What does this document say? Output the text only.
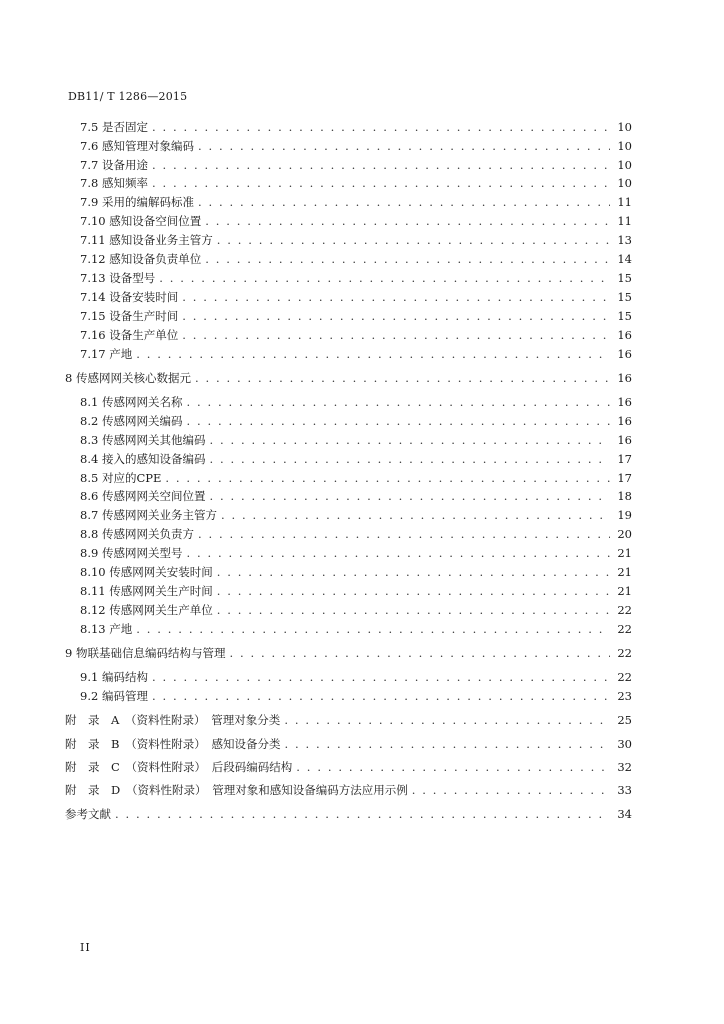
DB11/ T 1286—2015
7.5 是否固定 . . .	10
7.6 感知管理对象编码 . . .	10
7.7 设备用途 . . .	10
7.8 感知频率 . . .	10
7.9 采用的编解码标准 . . .	11
7.10 感知设备空间位置 . . .	11
7.11 感知设备业务主管方 . . .	13
7.12 感知设备负责单位 . . .	14
7.13 设备型号 . . .	15
7.14 设备安装时间 . . .	15
7.15 设备生产时间 . . .	15
7.16 设备生产单位 . . .	16
7.17 产地 . . .	16
8 传感网网关核心数据元 . . .	16
8.1 传感网网关名称 . . .	16
8.2 传感网网关编码 . . .	16
8.3 传感网网关其他编码 . . .	16
8.4 接入的感知设备编码 . . .	17
8.5 对应的CPE . . .	17
8.6 传感网网关空间位置 . . .	18
8.7 传感网网关业务主管方 . . .	19
8.8 传感网网关负责方 . . .	20
8.9 传感网网关型号 . . .	21
8.10 传感网网关安装时间 . . .	21
8.11 传感网网关生产时间 . . .	21
8.12 传感网网关生产单位 . . .	22
8.13 产地 . . .	22
9 物联基础信息编码结构与管理 . . .	22
9.1 编码结构 . . .	22
9.2 编码管理 . . .	23
附　录　A　（资料性附录）　管理对象分类 . . .	25
附　录　B　（资料性附录）　感知设备分类 . . .	30
附　录　C　（资料性附录）　后段码编码结构 . . .	32
附　录　D　（资料性附录）　管理对象和感知设备编码方法应用示例 . . .	33
参考文献 . . .	34
II
